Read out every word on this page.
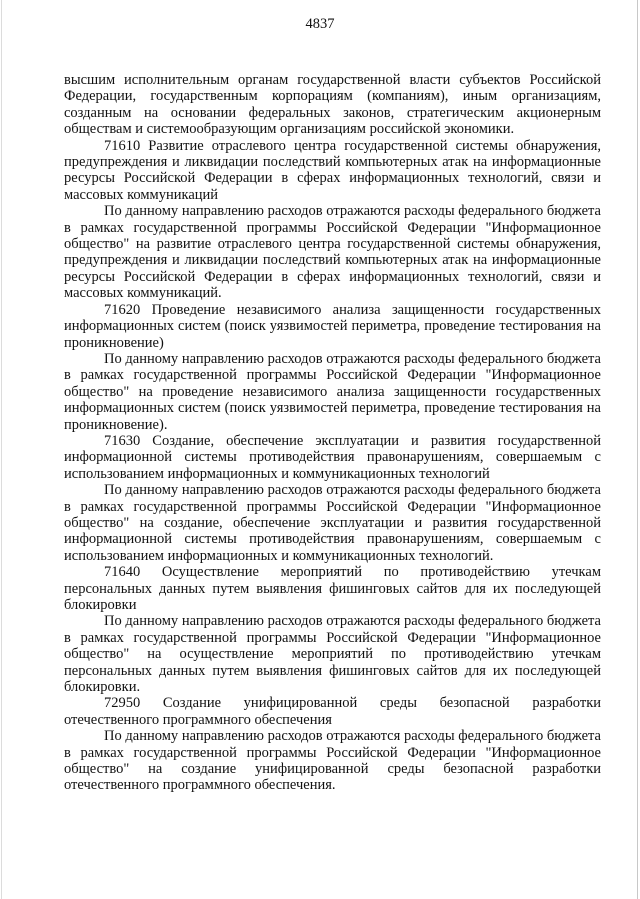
4837

высшим исполнительным органам государственной власти субъектов Российской Федерации, государственным корпорациям (компаниям), иным организациям, созданным на основании федеральных законов, стратегическим акционерным обществам и системообразующим организациям российской экономики.

71610 Развитие отраслевого центра государственной системы обнаружения, предупреждения и ликвидации последствий компьютерных атак на информационные ресурсы Российской Федерации в сферах информационных технологий, связи и массовых коммуникаций

По данному направлению расходов отражаются расходы федерального бюджета в рамках государственной программы Российской Федерации "Информационное общество" на развитие отраслевого центра государственной системы обнаружения, предупреждения и ликвидации последствий компьютерных атак на информационные ресурсы Российской Федерации в сферах информационных технологий, связи и массовых коммуникаций.

71620 Проведение независимого анализа защищенности государственных информационных систем (поиск уязвимостей периметра, проведение тестирования на проникновение)

По данному направлению расходов отражаются расходы федерального бюджета в рамках государственной программы Российской Федерации "Информационное общество" на проведение независимого анализа защищенности государственных информационных систем (поиск уязвимостей периметра, проведение тестирования на проникновение).

71630 Создание, обеспечение эксплуатации и развития государственной информационной системы противодействия правонарушениям, совершаемым с использованием информационных и коммуникационных технологий

По данному направлению расходов отражаются расходы федерального бюджета в рамках государственной программы Российской Федерации "Информационное общество" на создание, обеспечение эксплуатации и развития государственной информационной системы противодействия правонарушениям, совершаемым с использованием информационных и коммуникационных технологий.

71640 Осуществление мероприятий по противодействию утечкам персональных данных путем выявления фишинговых сайтов для их последующей блокировки

По данному направлению расходов отражаются расходы федерального бюджета в рамках государственной программы Российской Федерации "Информационное общество" на осуществление мероприятий по противодействию утечкам персональных данных путем выявления фишинговых сайтов для их последующей блокировки.

72950 Создание унифицированной среды безопасной разработки отечественного программного обеспечения

По данному направлению расходов отражаются расходы федерального бюджета в рамках государственной программы Российской Федерации "Информационное общество" на создание унифицированной среды безопасной разработки отечественного программного обеспечения.
